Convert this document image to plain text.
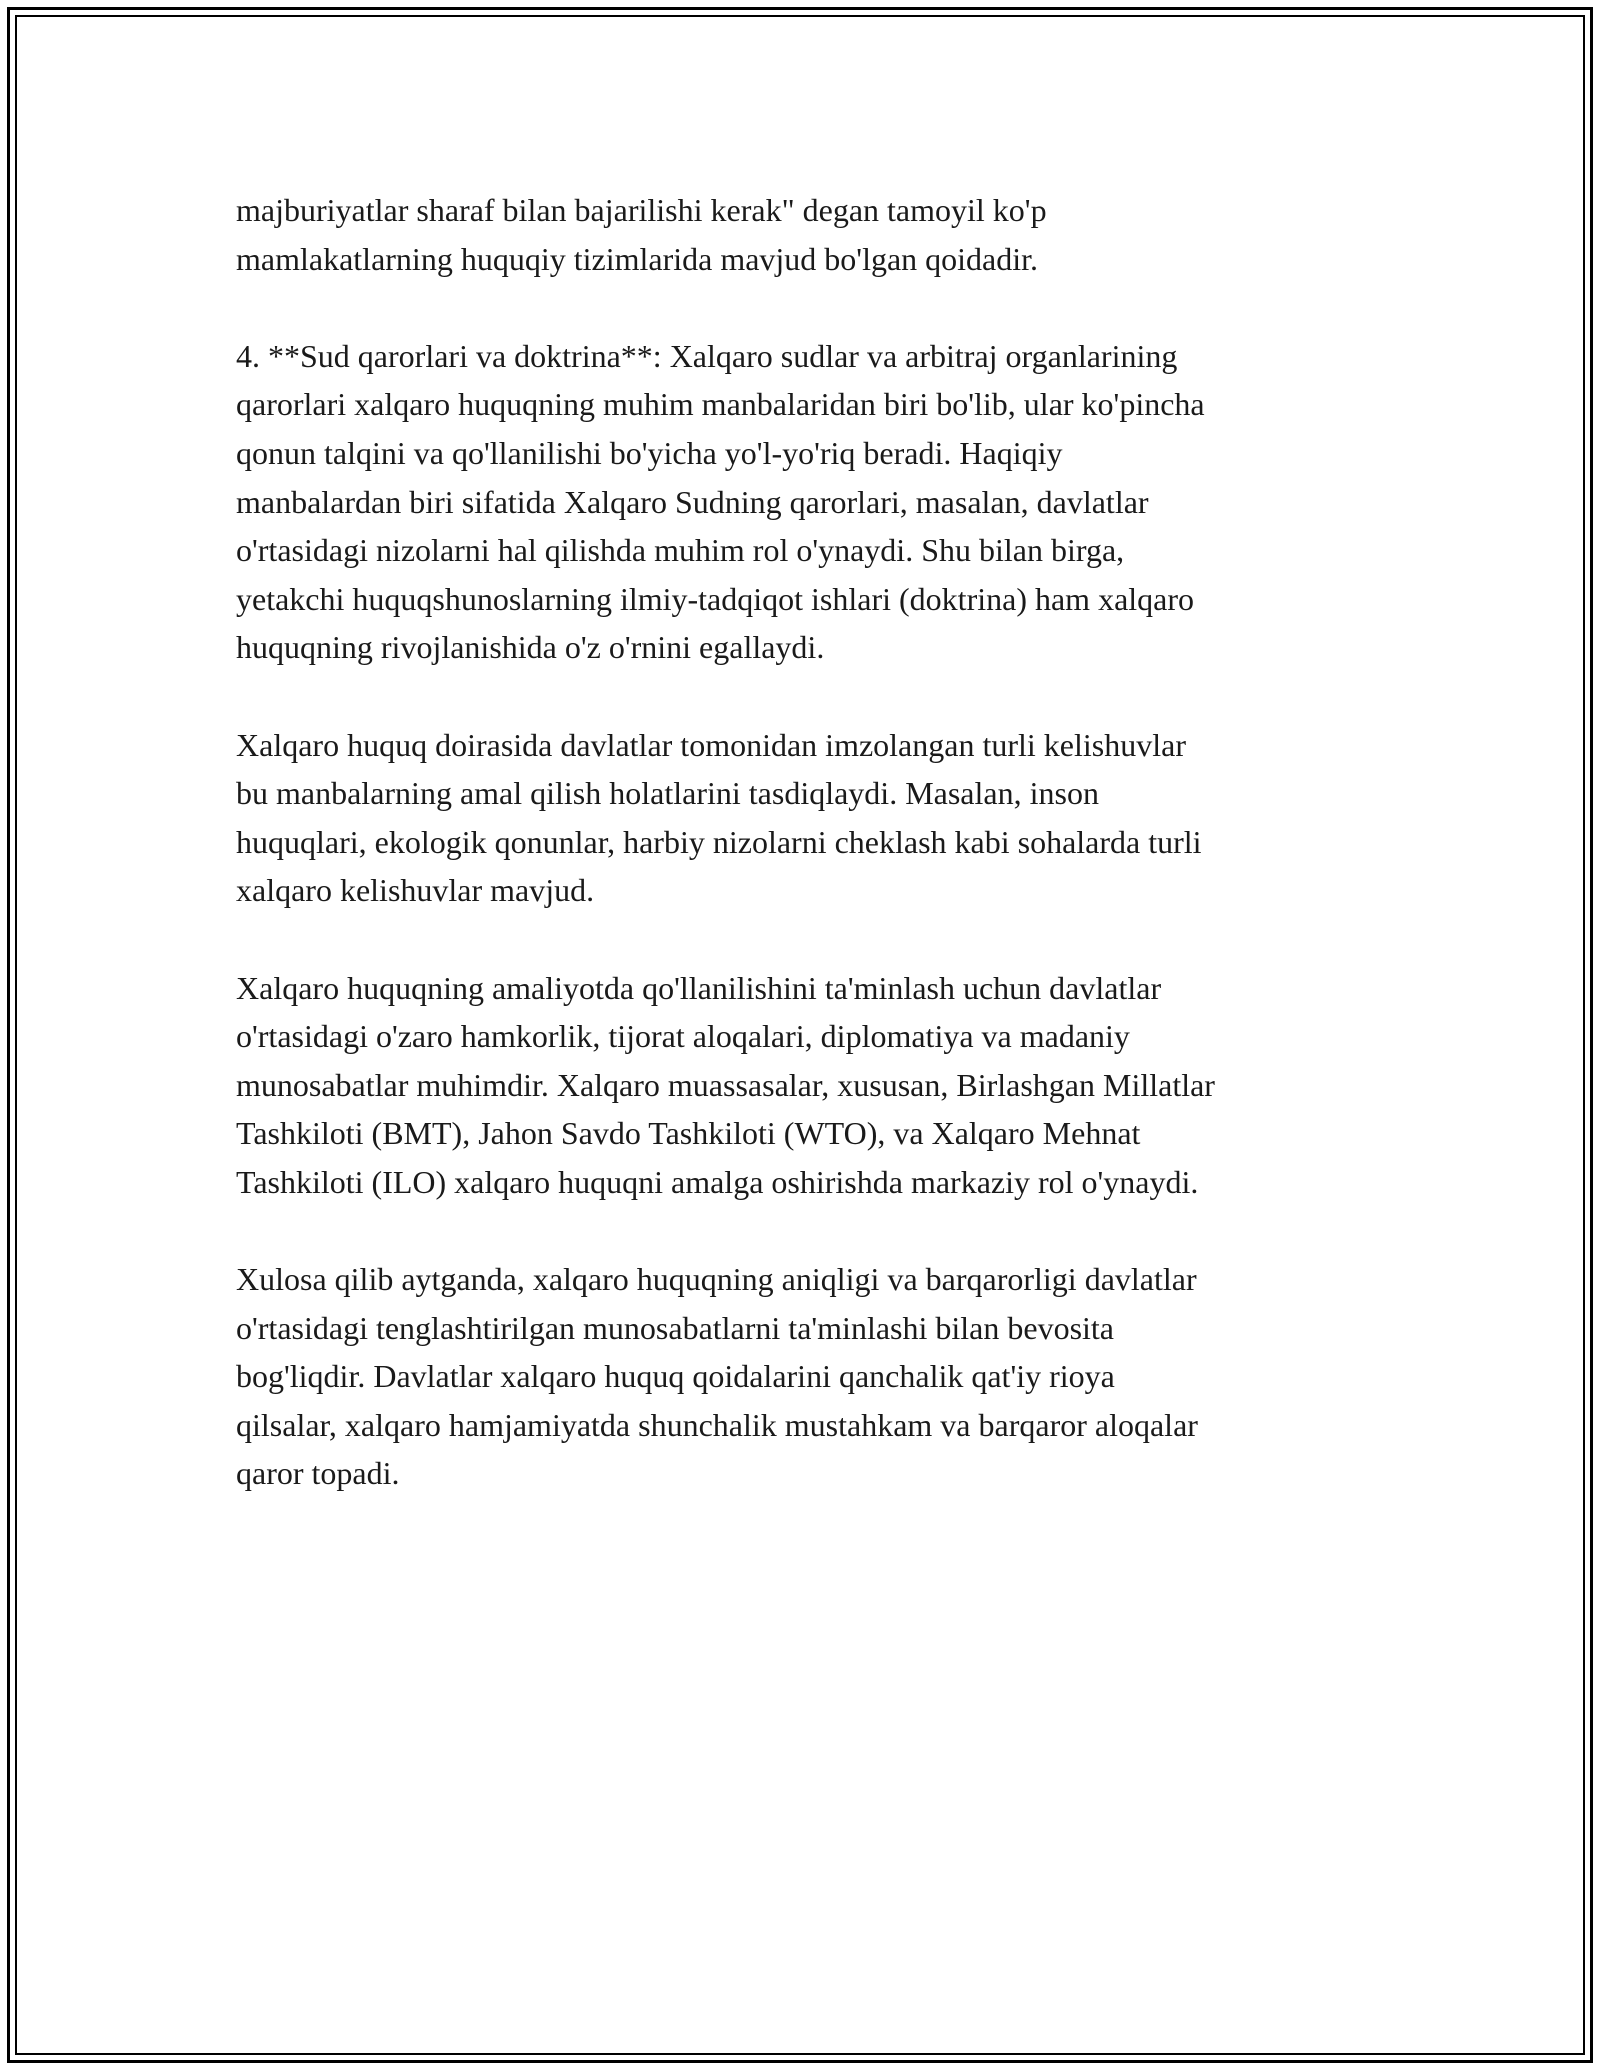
majburiyatlar sharaf bilan bajarilishi kerak" degan tamoyil ko'p
mamlakatlarning huquqiy tizimlarida mavjud bo'lgan qoidadir.

4. **Sud qarorlari va doktrina**: Xalqaro sudlar va arbitraj organlarining
qarorlari xalqaro huquqning muhim manbalaridan biri bo'lib, ular ko'pincha
qonun talqini va qo'llanilishi bo'yicha yo'l-yo'riq beradi. Haqiqiy
manbalardan biri sifatida Xalqaro Sudning qarorlari, masalan, davlatlar
o'rtasidagi nizolarni hal qilishda muhim rol o'ynaydi. Shu bilan birga,
yetakchi huquqshunoslarning ilmiy-tadqiqot ishlari (doktrina) ham xalqaro
huquqning rivojlanishida o'z o'rnini egallaydi.

Xalqaro huquq doirasida davlatlar tomonidan imzolangan turli kelishuvlar
bu manbalarning amal qilish holatlarini tasdiqlaydi. Masalan, inson
huquqlari, ekologik qonunlar, harbiy nizolarni cheklash kabi sohalarda turli
xalqaro kelishuvlar mavjud.

Xalqaro huquqning amaliyotda qo'llanilishini ta'minlash uchun davlatlar
o'rtasidagi o'zaro hamkorlik, tijorat aloqalari, diplomatiya va madaniy
munosabatlar muhimdir. Xalqaro muassasalar, xususan, Birlashgan Millatlar
Tashkiloti (BMT), Jahon Savdo Tashkiloti (WTO), va Xalqaro Mehnat
Tashkiloti (ILO) xalqaro huquqni amalga oshirishda markaziy rol o'ynaydi.

Xulosa qilib aytganda, xalqaro huquqning aniqligi va barqarorligi davlatlar
o'rtasidagi tenglashtirilgan munosabatlarni ta'minlashi bilan bevosita
bog'liqdir. Davlatlar xalqaro huquq qoidalarini qanchalik qat'iy rioya
qilsalar, xalqaro hamjamiyatda shunchalik mustahkam va barqaror aloqalar
qaror topadi.
